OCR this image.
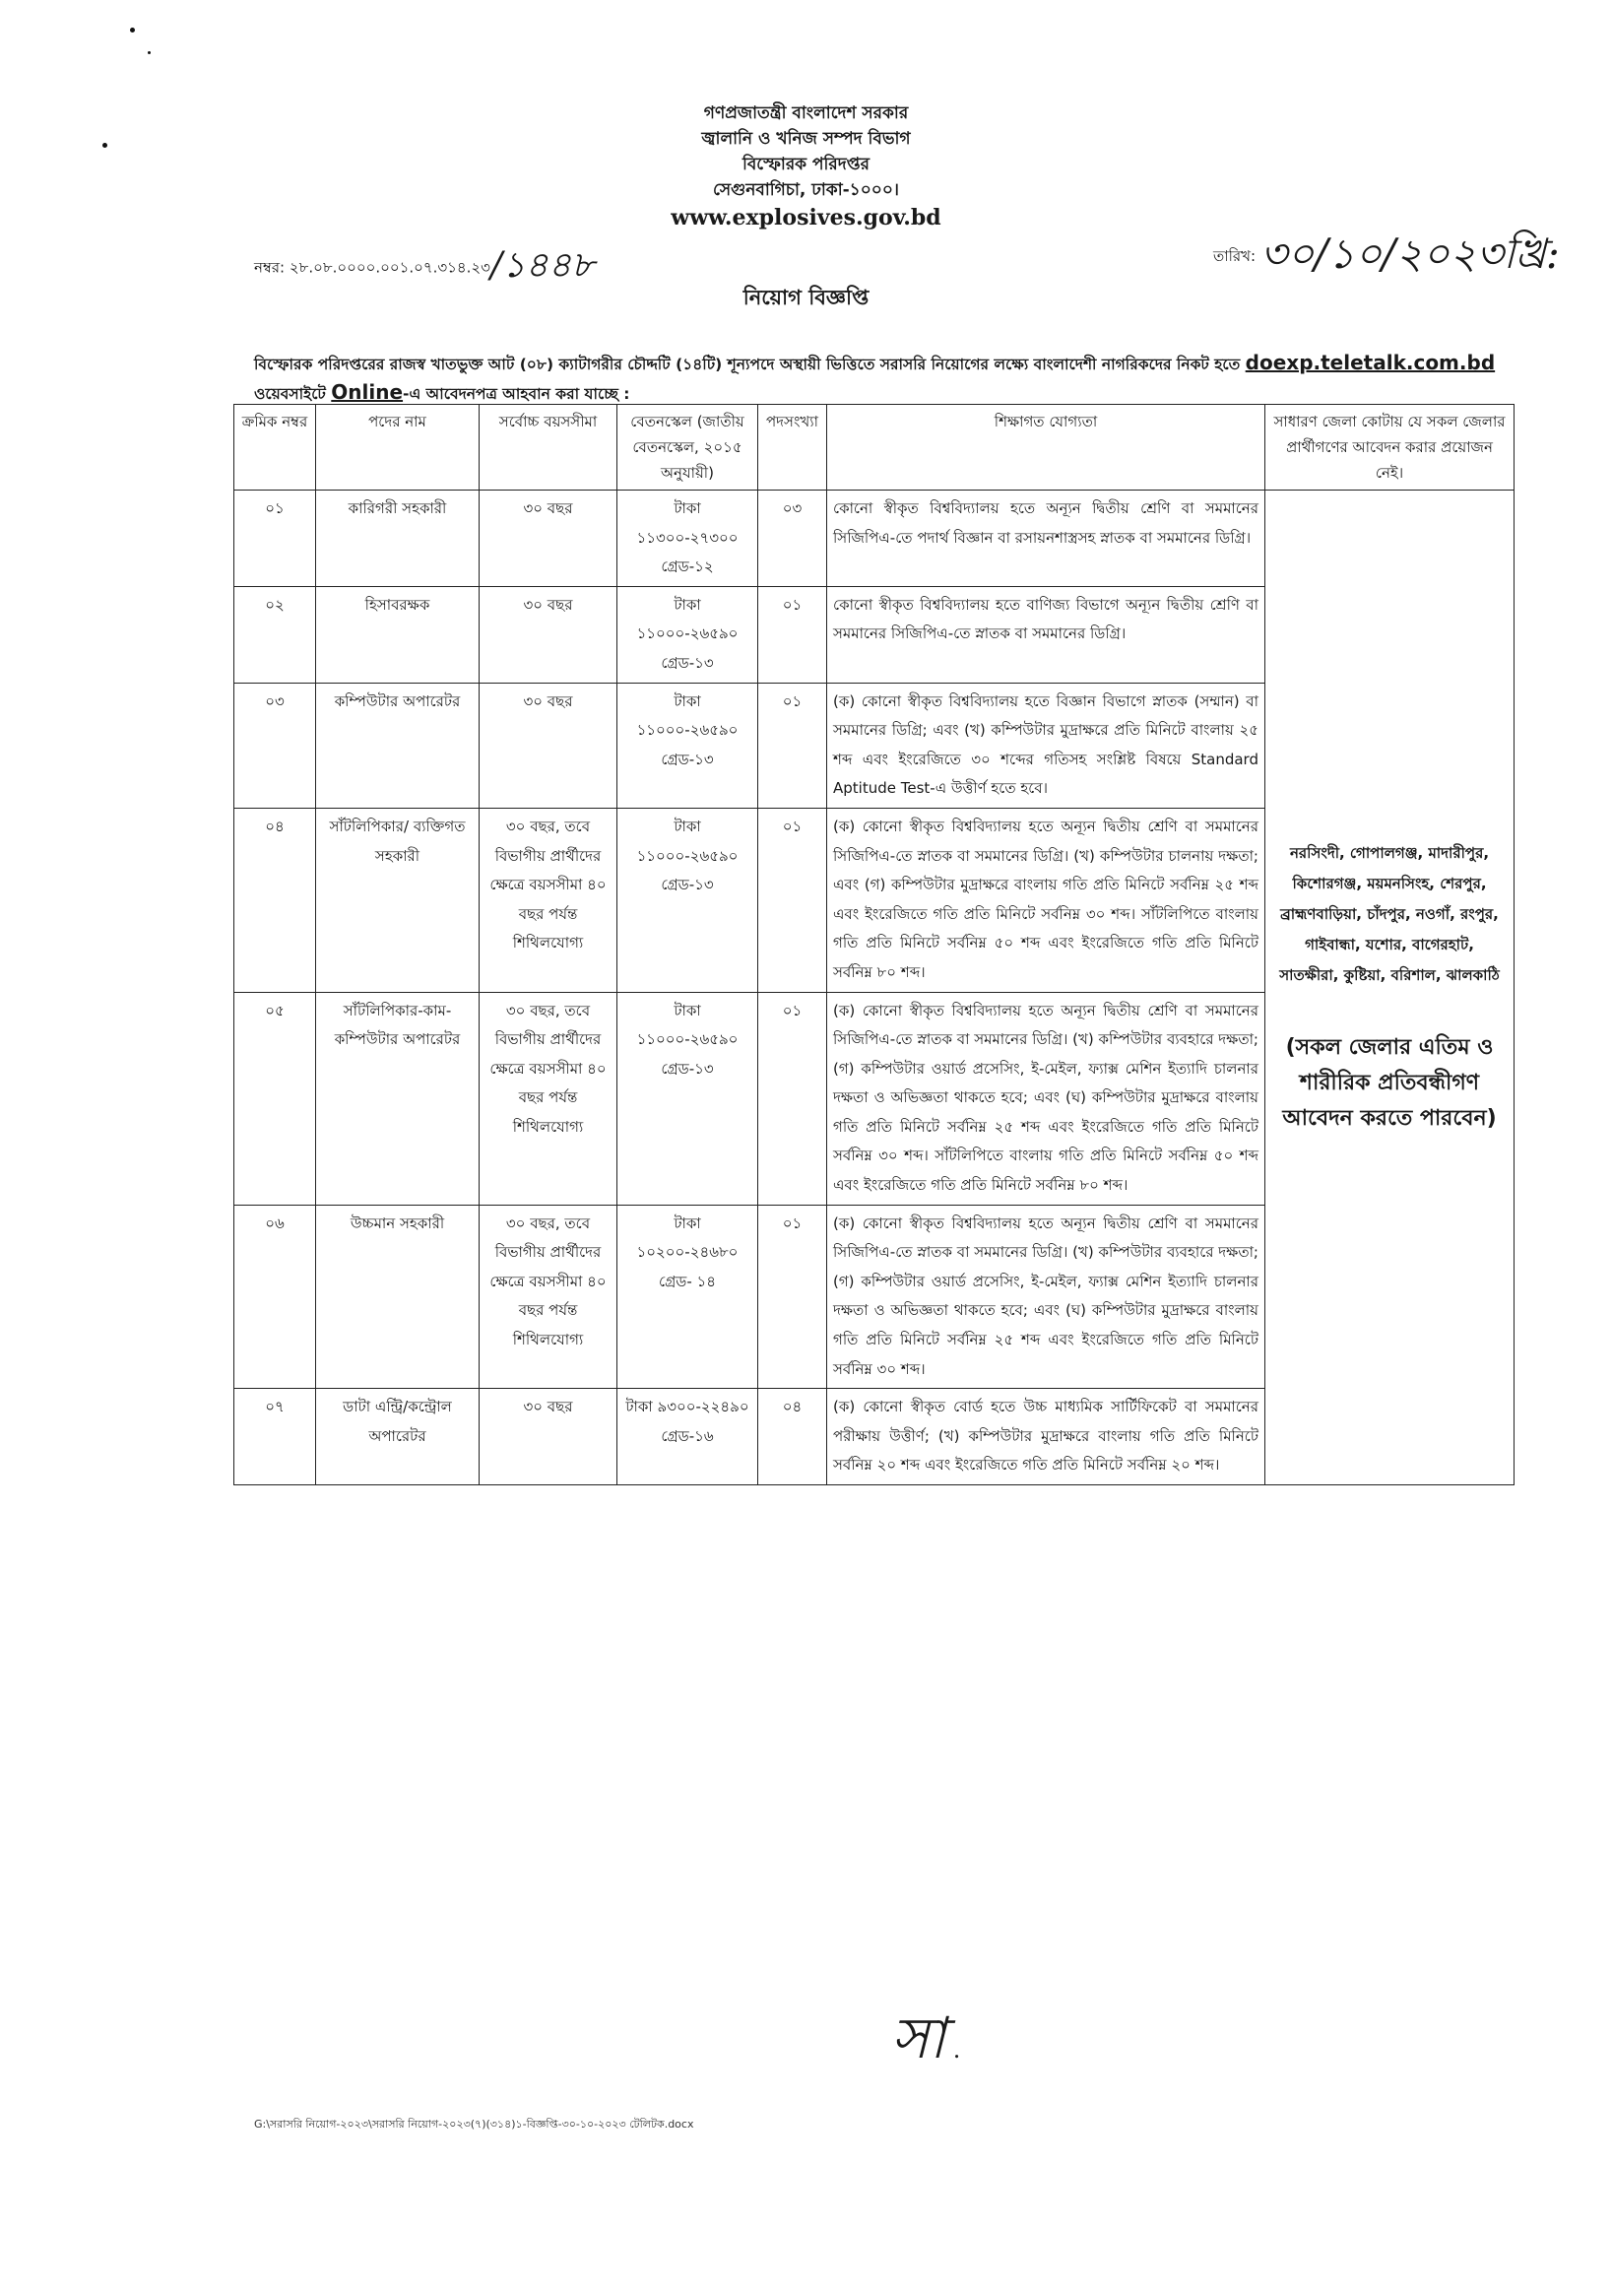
গণপ্রজাতন্ত্রী বাংলাদেশ সরকার
জ্বালানি ও খনিজ সম্পদ বিভাগ
বিস্ফোরক পরিদপ্তর
সেগুনবাগিচা, ঢাকা-১০০০।
www.explosives.gov.bd
নম্বর: ২৮.০৮.০০০০.০০১.০৭.৩১৪.২৩/১৪৪৮	তারিখ: ৩০/১০/২০২৩খ্রি:
নিয়োগ বিজ্ঞপ্তি
বিস্ফোরক পরিদপ্তরের রাজস্ব খাতভুক্ত আট (০৮) ক্যাটাগরীর চৌদ্দটি (১৪টি) শূন্যপদে অস্থায়ী ভিত্তিতে সরাসরি নিয়োগের লক্ষ্যে বাংলাদেশী নাগরিকদের নিকট হতে doexp.teletalk.com.bd ওয়েবসাইটে Online-এ আবেদনপত্র আহবান করা যাচ্ছে :
ক্রমিক নম্বর	পদের নাম	সর্বোচ্চ বয়সসীমা	বেতনস্কেল (জাতীয় বেতনস্কেল, ২০১৫ অনুযায়ী)	পদসংখ্যা	শিক্ষাগত যোগ্যতা	সাধারণ জেলা কোটায় যে সকল জেলার প্রার্থীগণের আবেদন করার প্রয়োজন নেই।
০১	কারিগরী সহকারী	৩০ বছর	টাকা ১১৩০০-২৭৩০০ গ্রেড-১২	০৩	কোনো স্বীকৃত বিশ্ববিদ্যালয় হতে অন্যূন দ্বিতীয় শ্রেণি বা সমমানের সিজিপিএ-তে পদার্থ বিজ্ঞান বা রসায়নশাস্ত্রসহ স্নাতক বা সমমানের ডিগ্রি।	নরসিংদী, গোপালগঞ্জ, মাদারীপুর, কিশোরগঞ্জ, ময়মনসিংহ, শেরপুর, ব্রাহ্মণবাড়িয়া, চাঁদপুর, নওগাঁ, রংপুর, গাইবান্ধা, যশোর, বাগেরহাট, সাতক্ষীরা, কুষ্টিয়া, বরিশাল, ঝালকাঠি
(সকল জেলার এতিম ও শারীরিক প্রতিবন্ধীগণ আবেদন করতে পারবেন)

০২	হিসাবরক্ষক	৩০ বছর	টাকা ১১০০০-২৬৫৯০ গ্রেড-১৩	০১	কোনো স্বীকৃত বিশ্ববিদ্যালয় হতে বাণিজ্য বিভাগে অন্যূন দ্বিতীয় শ্রেণি বা সমমানের সিজিপিএ-তে স্নাতক বা সমমানের ডিগ্রি।	
০৩	কম্পিউটার অপারেটর	৩০ বছর	টাকা ১১০০০-২৬৫৯০ গ্রেড-১৩	০১	(ক) কোনো স্বীকৃত বিশ্ববিদ্যালয় হতে বিজ্ঞান বিভাগে স্নাতক (সম্মান) বা সমমানের ডিগ্রি; এবং (খ) কম্পিউটার মুদ্রাক্ষরে প্রতি মিনিটে বাংলায় ২৫ শব্দ এবং ইংরেজিতে ৩০ শব্দের গতিসহ সংশ্লিষ্ট বিষয়ে Standard Aptitude Test-এ উত্তীর্ণ হতে হবে।	
০৪	সাঁটলিপিকার/ ব্যক্তিগত সহকারী	৩০ বছর, তবে বিভাগীয় প্রার্থীদের ক্ষেত্রে বয়সসীমা ৪০ বছর পর্যন্ত শিথিলযোগ্য	টাকা ১১০০০-২৬৫৯০ গ্রেড-১৩	০১	(ক) কোনো স্বীকৃত বিশ্ববিদ্যালয় হতে অন্যূন দ্বিতীয় শ্রেণি বা সমমানের সিজিপিএ-তে স্নাতক বা সমমানের ডিগ্রি। (খ) কম্পিউটার চালনায় দক্ষতা; এবং (গ) কম্পিউটার মুদ্রাক্ষরে বাংলায় গতি প্রতি মিনিটে সর্বনিম্ন ২৫ শব্দ এবং ইংরেজিতে গতি প্রতি মিনিটে সর্বনিম্ন ৩০ শব্দ। সাঁটলিপিতে বাংলায় গতি প্রতি মিনিটে সর্বনিম্ন ৫০ শব্দ এবং ইংরেজিতে গতি প্রতি মিনিটে সর্বনিম্ন ৮০ শব্দ।	
০৫	সাঁটলিপিকার-কাম-কম্পিউটার অপারেটর	৩০ বছর, তবে বিভাগীয় প্রার্থীদের ক্ষেত্রে বয়সসীমা ৪০ বছর পর্যন্ত শিথিলযোগ্য	টাকা ১১০০০-২৬৫৯০ গ্রেড-১৩	০১	(ক) কোনো স্বীকৃত বিশ্ববিদ্যালয় হতে অন্যূন দ্বিতীয় শ্রেণি বা সমমানের সিজিপিএ-তে স্নাতক বা সমমানের ডিগ্রি। (খ) কম্পিউটার ব্যবহারে দক্ষতা; (গ) কম্পিউটার ওয়ার্ড প্রসেসিং, ই-মেইল, ফ্যাক্স মেশিন ইত্যাদি চালনার দক্ষতা ও অভিজ্ঞতা থাকতে হবে; এবং (ঘ) কম্পিউটার মুদ্রাক্ষরে বাংলায় গতি প্রতি মিনিটে সর্বনিম্ন ২৫ শব্দ এবং ইংরেজিতে গতি প্রতি মিনিটে সর্বনিম্ন ৩০ শব্দ। সাঁটলিপিতে বাংলায় গতি প্রতি মিনিটে সর্বনিম্ন ৫০ শব্দ এবং ইংরেজিতে গতি প্রতি মিনিটে সর্বনিম্ন ৮০ শব্দ।	
০৬	উচ্চমান সহকারী	৩০ বছর, তবে বিভাগীয় প্রার্থীদের ক্ষেত্রে বয়সসীমা ৪০ বছর পর্যন্ত শিথিলযোগ্য	টাকা ১০২০০-২৪৬৮০ গ্রেড- ১৪	০১	(ক) কোনো স্বীকৃত বিশ্ববিদ্যালয় হতে অন্যূন দ্বিতীয় শ্রেণি বা সমমানের সিজিপিএ-তে স্নাতক বা সমমানের ডিগ্রি। (খ) কম্পিউটার ব্যবহারে দক্ষতা; (গ) কম্পিউটার ওয়ার্ড প্রসেসিং, ই-মেইল, ফ্যাক্স মেশিন ইত্যাদি চালনার দক্ষতা ও অভিজ্ঞতা থাকতে হবে; এবং (ঘ) কম্পিউটার মুদ্রাক্ষরে বাংলায় গতি প্রতি মিনিটে সর্বনিম্ন ২৫ শব্দ এবং ইংরেজিতে গতি প্রতি মিনিটে সর্বনিম্ন ৩০ শব্দ।	
০৭	ডাটা এন্ট্রি/কন্ট্রোল অপারেটর	৩০ বছর	টাকা ৯৩০০-২২৪৯০ গ্রেড-১৬	০৪	(ক) কোনো স্বীকৃত বোর্ড হতে উচ্চ মাধ্যমিক সার্টিফিকেট বা সমমানের পরীক্ষায় উত্তীর্ণ; (খ) কম্পিউটার মুদ্রাক্ষরে বাংলায় গতি প্রতি মিনিটে সর্বনিম্ন ২০ শব্দ এবং ইংরেজিতে গতি প্রতি মিনিটে সর্বনিম্ন ২০ শব্দ।	
সা .
G:\সরাসরি নিয়োগ-২০২৩\সরাসরি নিয়োগ-২০২৩(৭)(৩১৪)১-বিজ্ঞপ্তি-৩০-১০-২০২৩ টেলিটক.docx
